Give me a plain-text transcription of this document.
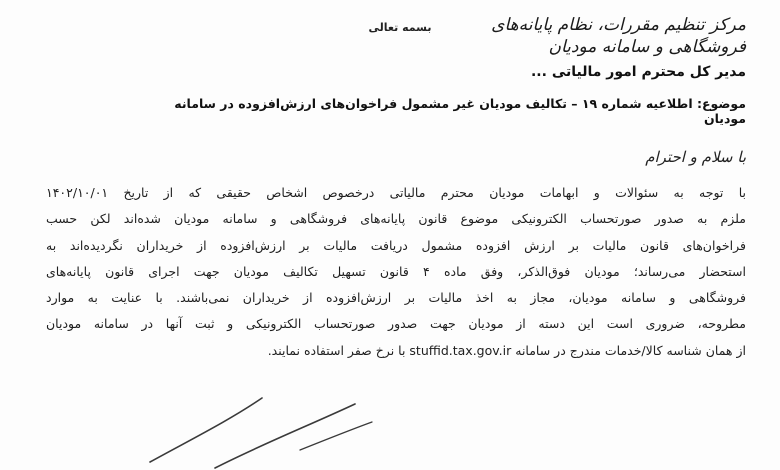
مرکز تنظیم مقررات، نظام پایانه‌های فروشگاهی و سامانه مودیان
بسمه تعالی
مدیر کل محترم امور مالیاتی ...
موضوع: اطلاعیه شماره ۱۹ – تکالیف مودیان غیر مشمول فراخوان‌های ارزش‌افزوده در سامانه مودیان
با سلام و احترام
با توجه به سئوالات و ابهامات مودیان محترم مالیاتی درخصوص اشخاص حقیقی که از تاریخ ۱۴۰۲/۱۰/۰۱
ملزم به صدور صورتحساب الکترونیکی موضوع قانون پایانه‌های فروشگاهی و سامانه مودیان شده‌اند لکن حسب
فراخوان‌های قانون مالیات بر ارزش افزوده مشمول دریافت مالیات بر ارزش‌افزوده از خریداران نگردیده‌اند به
استحضار می‌رساند؛ مودیان فوق‌الذکر، وفق ماده ۴ قانون تسهیل تکالیف مودیان جهت اجرای قانون پایانه‌های
فروشگاهی و سامانه مودیان، مجاز به اخذ مالیات بر ارزش‌افزوده از خریداران نمی‌باشند. با عنایت به موارد
مطروحه، ضروری است این دسته از مودیان جهت صدور صورتحساب الکترونیکی و ثبت آنها در سامانه مودیان
از همان شناسه کالا/خدمات مندرج در سامانه stuffid.tax.gov.ir با نرخ صفر استفاده نمایند.
